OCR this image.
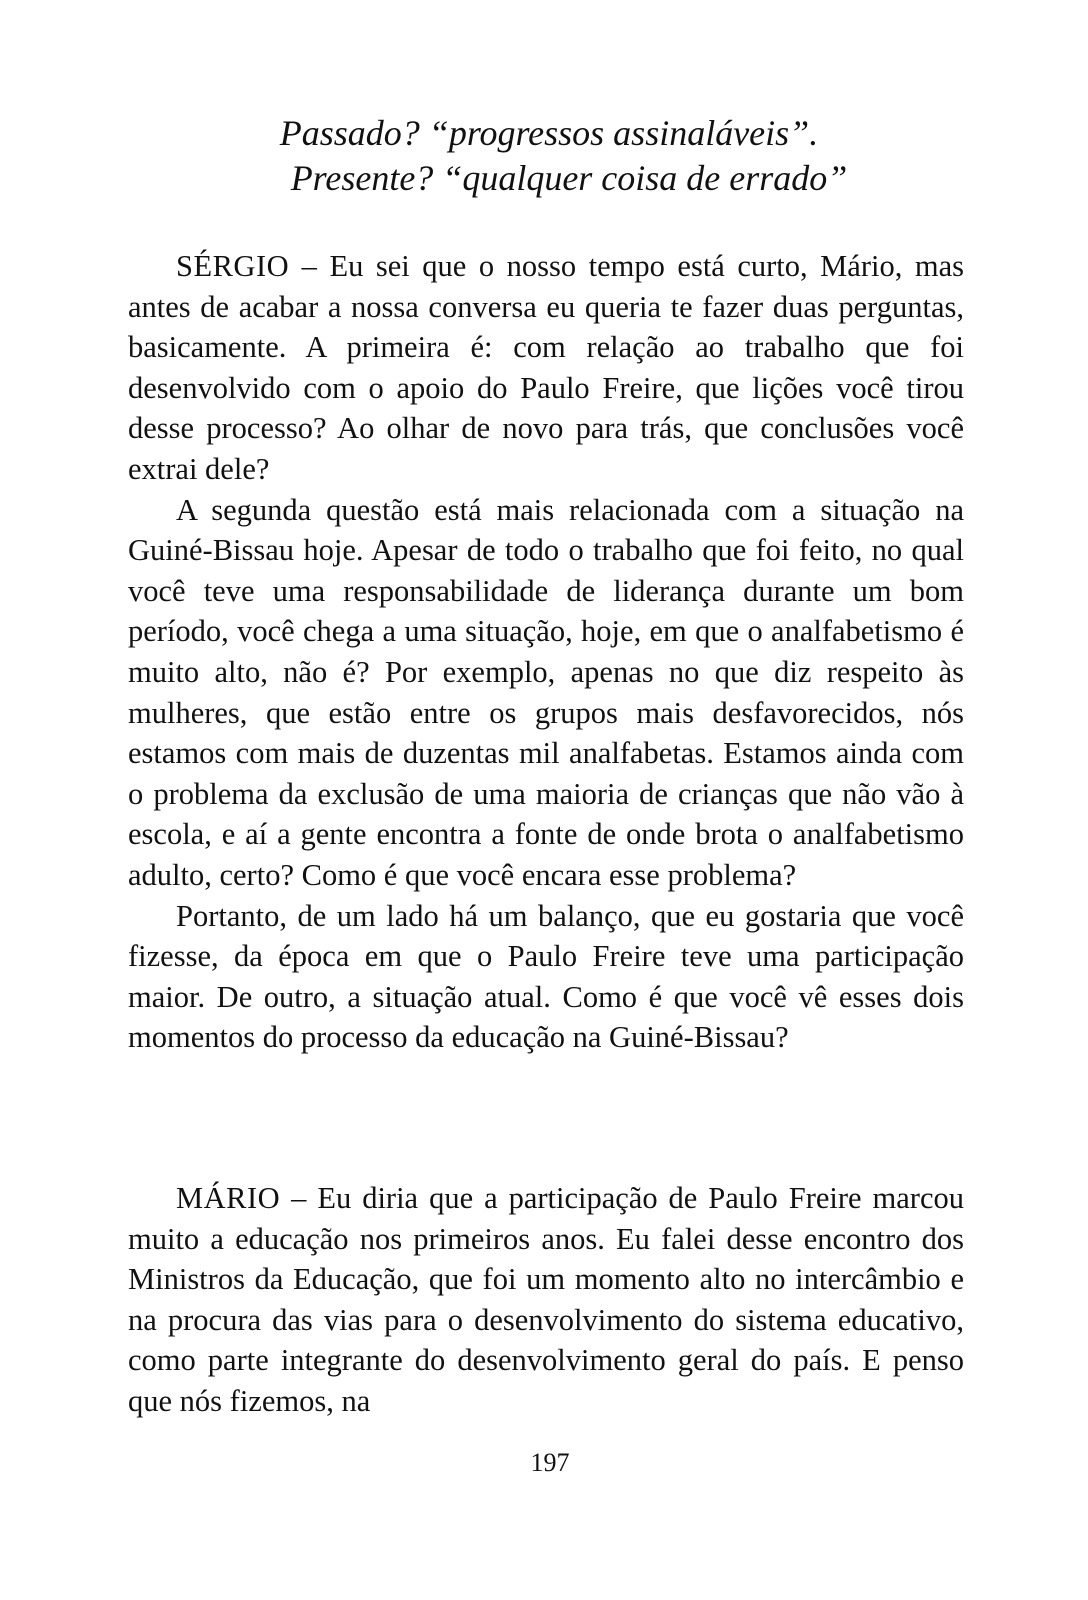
Passado? “progressos assinaláveis”.
Presente? “qualquer coisa de errado”

SÉRGIO – Eu sei que o nosso tempo está curto, Mário, mas antes de acabar a nossa conversa eu queria te fazer duas perguntas, basicamente. A primeira é: com relação ao trabalho que foi desenvolvido com o apoio do Paulo Freire, que lições você tirou desse processo? Ao olhar de novo para trás, que conclusões você extrai dele?

A segunda questão está mais relacionada com a situação na Guiné-Bissau hoje. Apesar de todo o trabalho que foi feito, no qual você teve uma responsabilidade de liderança durante um bom período, você chega a uma situação, hoje, em que o analfabetismo é muito alto, não é? Por exemplo, apenas no que diz respeito às mulheres, que estão entre os grupos mais desfavorecidos, nós estamos com mais de duzentas mil analfabetas. Estamos ainda com o problema da exclusão de uma maioria de crianças que não vão à escola, e aí a gente encontra a fonte de onde brota o analfabetismo adulto, certo? Como é que você encara esse problema?

Portanto, de um lado há um balanço, que eu gostaria que você fizesse, da época em que o Paulo Freire teve uma participação maior. De outro, a situação atual. Como é que você vê esses dois momentos do processo da educação na Guiné-Bissau?

MÁRIO – Eu diria que a participação de Paulo Freire marcou muito a educação nos primeiros anos. Eu falei desse encontro dos Ministros da Educação, que foi um momento alto no intercâmbio e na procura das vias para o desenvolvimento do sistema educativo, como parte integrante do desenvolvimento geral do país. E penso que nós fizemos, na

197
